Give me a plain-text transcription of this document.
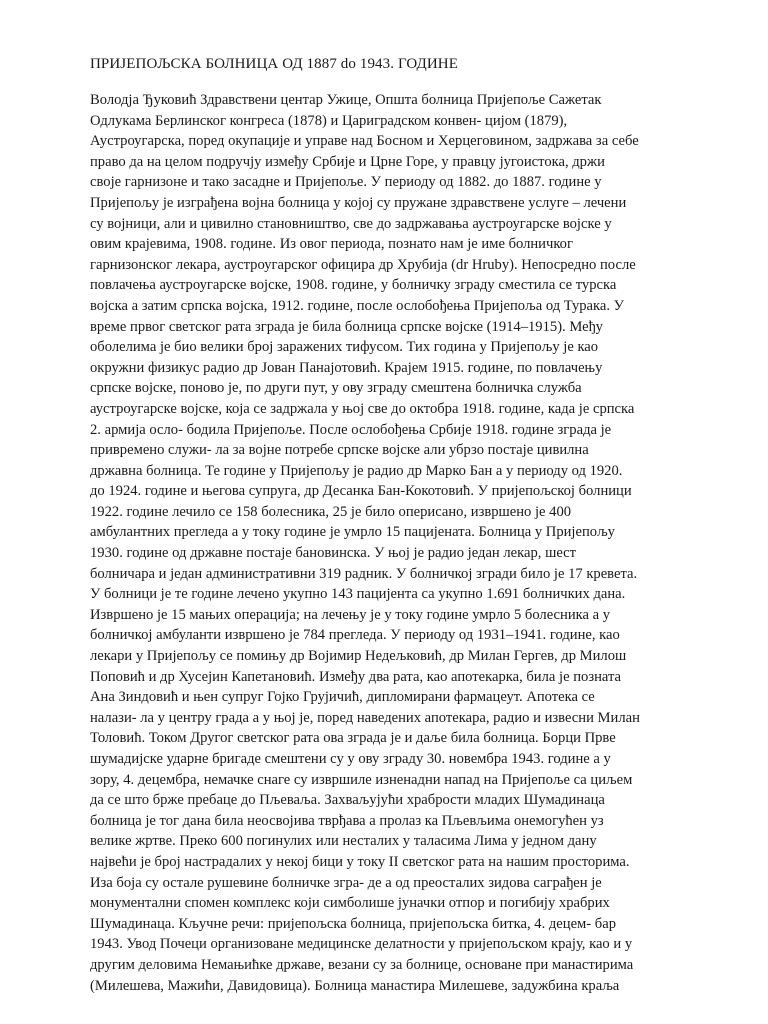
ПРИЈЕПОЉСКА БОЛНИЦА ОД 1887 do 1943. ГОДИНЕ
Володја Ђуковић Здравствени центар Ужице, Општа болница Пријепоље Сажетак
Одлукама Берлинског конгреса (1878) и Цариградском конвен- цијом (1879),
Аустроугарска, поред окупације и управе над Босном и Херцеговином, задржава за себе
право да на целом подручју између Србије и Црне Горе, у правцу југоистока, држи
своје гарнизоне и тако засадне и Пријепоље. У периоду од 1882. до 1887. године у
Пријепољу је изграђена војна болница у којој су пружане здравствене услуге – лечени
су војници, али и цивилно становништво, све до задржавања аустроугарске војске у
овим крајевима, 1908. године. Из овог периода, познато нам је име болничког
гарнизонског лекара, аустроугарског официра др Хрубија (dr Hruby). Непосредно после
повлачења аустроугарске војске, 1908. године, у болничку зграду сместила се турска
војска а затим српска војска, 1912. године, после ослобођења Пријепоља од Турака. У
време првог светског рата зграда је била болница српске војске (1914–1915). Међу
оболелима је био велики број заражених тифусом. Тих година у Пријепољу је као
окружни физикус радио др Јован Панајотовић. Крајем 1915. године, по повлачењу
српске војске, поново је, по други пут, у ову зграду смештена болничка служба
аустроугарске војске, која се задржала у њој све до октобра 1918. године, када је српска
2. армија осло- бодила Пријепоље. После ослобођења Србије 1918. године зграда је
привремено служи- ла за војне потребе српске војске али убрзо постаје цивилна
државна болница. Те године у Пријепољу је радио др Марко Бан а у периоду од 1920.
до 1924. године и његова супруга, др Десанка Бан-Кокотовић. У пријепољској болници
1922. године лечило се 158 болесника, 25 је било оперисано, извршено је 400
амбулантних прегледа а у току године је умрло 15 пацијената. Болница у Пријепољу
1930. године од државне постаје бановинска. У њој је радио један лекар, шест
болничара и један административни 319 радник. У болничкој згради било је 17 кревета.
У болници је те године лечено укупно 143 пацијента са укупно 1.691 болничких дана.
Извршено је 15 мањих операција; на лечењу је у току године умрло 5 болесника а у
болничкој амбуланти извршено је 784 прегледа. У периоду од 1931–1941. године, као
лекари у Пријепољу се помињу др Војимир Недељковић, др Милан Гергев, др Милош
Поповић и др Хусејин Капетановић. Између два рата, као апотекарка, била је позната
Ана Зиндовић и њен супруг Гојко Грујичић, дипломирани фармацеут. Апотека се
налази- ла у центру града а у њој је, поред наведених апотекара, радио и извесни Милан
Толовић. Током Другог светског рата ова зграда је и даље била болница. Борци Прве
шумадијске ударне бригаде смештени су у ову зграду 30. новембра 1943. године а у
зору, 4. децембра, немачке снаге су извршиле изненадни напад на Пријепоље са циљем
да се што брже пребаце до Пљеваља. Захваљујући храбрости младих Шумадинаца
болница је тог дана била неосвојива тврђава а пролаз ка Пљевљима онемогућен уз
велике жртве. Преко 600 погинулих или несталих у таласима Лима у једном дану
највећи је број настрадалих у некој бици у току II светског рата на нашим просторима.
Иза боја су остале рушевине болничке згра- де а од преосталих зидова саграђен је
монументални спомен комплекс који симболише јуначки отпор и погибију храбрих
Шумадинаца. Кључне речи: пријепољска болница, пријепољска битка, 4. децем- бар
1943. Увод Почеци организоване медицинске делатности у пријепољском крају, као и у
другим деловима Немањићке државе, везани су за болнице, основане при манастирима
(Милешева, Мажићи, Давидовица). Болница манастира Милешеве, задужбина краља
